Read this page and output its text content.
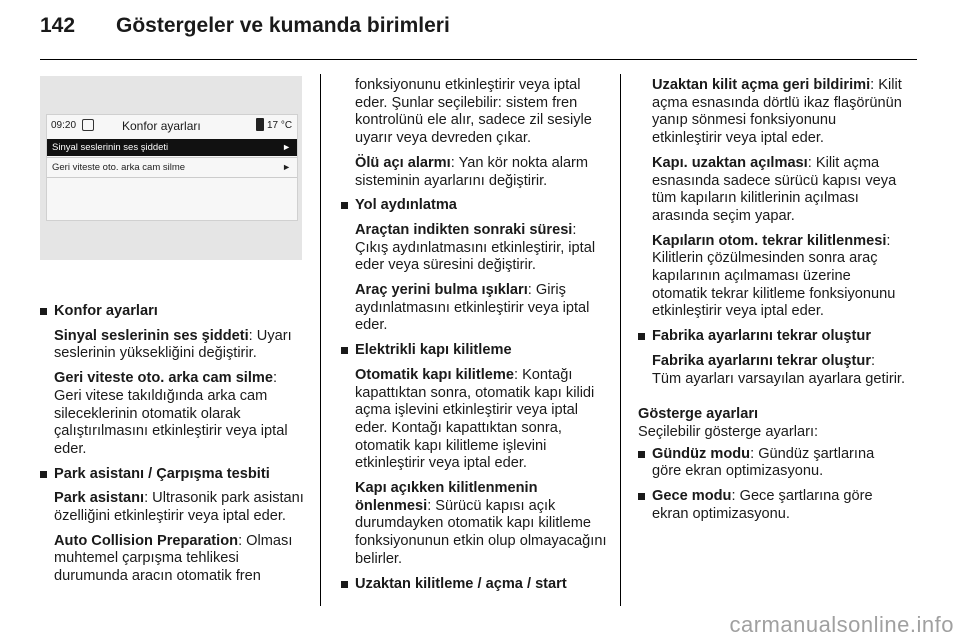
142 Göstergeler ve kumanda birimleri
09:20	Konfor ayarları	17 °C
Sinyal seslerinin ses şiddeti	►
Geri viteste oto. arka cam silme	►

Konfor ayarları

Sinyal seslerinin ses şiddeti: Uyarı seslerinin yüksekliğini değiştirir.

Geri viteste oto. arka cam silme: Geri vitese takıldığında arka cam sileceklerinin otomatik olarak çalıştırılmasını etkinleştirir veya iptal eder.

Park asistanı / Çarpışma tesbiti

Park asistanı: Ultrasonik park asistanı özelliğini etkinleştirir veya iptal eder.

Auto Collision Preparation: Olması muhtemel çarpışma tehlikesi durumunda aracın otomatik fren

fonksiyonunu etkinleştirir veya iptal eder. Şunlar seçilebilir: sistem fren kontrolünü ele alır, sadece zil sesiyle uyarır veya devreden çıkar.

Ölü açı alarmı: Yan kör nokta alarm sisteminin ayarlarını değiştirir.

Yol aydınlatma

Araçtan indikten sonraki süresi: Çıkış aydınlatmasını etkinleştirir, iptal eder veya süresini değiştirir.

Araç yerini bulma ışıkları: Giriş aydınlatmasını etkinleştirir veya iptal eder.

Elektrikli kapı kilitleme

Otomatik kapı kilitleme: Kontağı kapattıktan sonra, otomatik kapı kilidi açma işlevini etkinleştirir veya iptal eder. Kontağı kapattıktan sonra, otomatik kapı kilitleme işlevini etkinleştirir veya iptal eder.

Kapı açıkken kilitlenmenin önlenmesi: Sürücü kapısı açık durumdayken otomatik kapı kilitleme fonksiyonunun etkin olup olmayacağını belirler.

Uzaktan kilitleme / açma / start

Uzaktan kilit açma geri bildirimi: Kilit açma esnasında dörtlü ikaz flaşörünün yanıp sönmesi fonksiyonunu etkinleştirir veya iptal eder.

Kapı. uzaktan açılması: Kilit açma esnasında sadece sürücü kapısı veya tüm kapıların kilitlerinin açılması arasında seçim yapar.

Kapıların otom. tekrar kilitlenmesi: Kilitlerin çözülmesinden sonra araç kapılarının açılmaması üzerine otomatik tekrar kilitleme fonksiyonunu etkinleştirir veya iptal eder.

Fabrika ayarlarını tekrar oluştur

Fabrika ayarlarını tekrar oluştur: Tüm ayarları varsayılan ayarlara getirir.

Gösterge ayarları

Seçilebilir gösterge ayarları:

Gündüz modu: Gündüz şartlarına göre ekran optimizasyonu.

Gece modu: Gece şartlarına göre ekran optimizasyonu.

carmanualsonline.info
